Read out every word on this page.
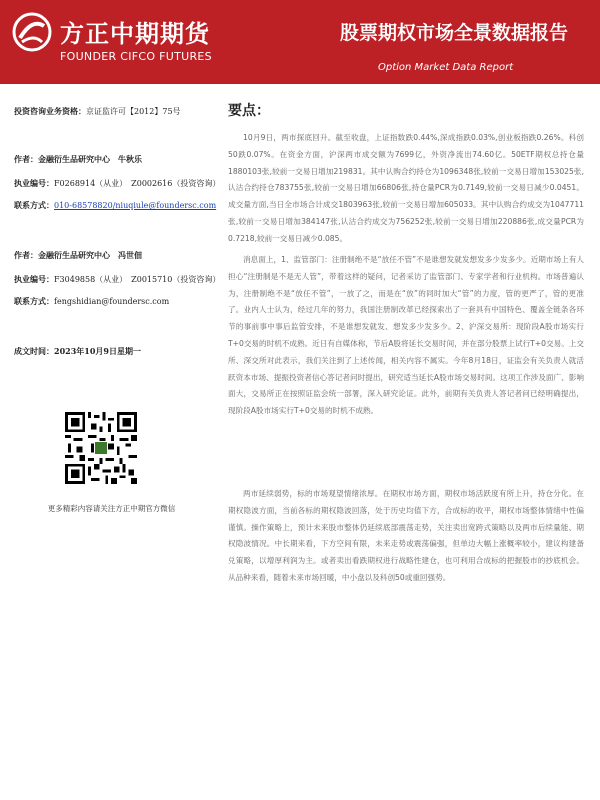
方正中期期货
FOUNDER CIFCO FUTURES
股票期权市场全景数据报告
Option Market Data Report
投资咨询业务资格：京证监许可【2012】75号
作者：金融衍生品研究中心　牛秋乐
执业编号：F0268914（从业）　Z0002616（投资咨询）
联系方式：010-68578820/niuqiule@foundersc.com
作者：金融衍生品研究中心　冯世佃
执业编号：F3049858（从业）　Z0015710（投资咨询）
联系方式：fengshidian@foundersc.com
成文时间：2023年10月9日星期一
更多精彩内容请关注方正中期官方微信
要点：

10月9日，两市探底回升。截至收盘，上证指数跌0.44%,深成指跌0.03%,创业板指跌0.26%。科创50跌0.07%。在资金方面，沪深两市成交额为7699亿，外资净流出74.60亿。50ETF期权总持仓量1880103张,较前一交易日增加219831。其中认购合约持仓为1096348张,较前一交易日增加153025张,认沽合约持仓783755张,较前一交易日增加66806张,持仓量PCR为0.7149,较前一交易日减少0.0451。成交量方面,当日全市场合计成交1803963张,较前一交易日增加605033。其中认购合约成交为1047711张,较前一交易日增加384147张,认沽合约成交为756252张,较前一交易日增加220886张,成交量PCR为0.7218,较前一交易日减少0.085。

消息面上，1、监管部门：注册制绝不是“放任不管”不是谁想发就发想发多少发多少。近期市场上有人担心“注册制是不是无人管”，带着这样的疑问，记者采访了监管部门、专家学者和行业机构。市场普遍认为，注册制绝不是“放任不管”，一放了之，而是在“放”的同时加大“管”的力度，管的更严了，管的更准了。业内人士认为，经过几年的努力，我国注册制改革已经探索出了一套具有中国特色、覆盖全链条各环节的事前事中事后监管安排，不是谁想发就发、想发多少发多少。2、沪深交易所：现阶段A股市场实行T+0交易的时机不成熟。近日有自媒体称，节后A股将延长交易时间，并在部分股票上试行T+0交易。上交所、深交所对此表示，我们关注到了上述传闻，相关内容不属实。今年8月18日，证监会有关负责人就活跃资本市场、提振投资者信心答记者问时提出，研究适当延长A股市场交易时间。这项工作涉及面广、影响面大，交易所正在按照证监会统一部署，深入研究论证。此外，前期有关负责人答记者问已经明确提出，现阶段A股市场实行T+0交易的时机不成熟。

两市延续弱势，标的市场观望情绪浓厚。在期权市场方面，期权市场活跃度有所上升，持仓分化。在期权隐波方面，当前各标的期权隐波回落，处于历史均值下方，合成标的收平，期权市场整体情绪中性偏谨慎。操作策略上，预计未来股市整体仍延续底部震荡走势，关注卖出宽跨式策略以及两市后续量能、期权隐波情况。中长期来看，下方空间有限，未来走势或震荡偏强，但单边大幅上涨概率较小，建议构建备兑策略，以增厚利润为主。或者卖出看跌期权进行战略性建仓，也可利用合成标的把握股市的抄底机会。从品种来看，随着未来市场回暖，中小盘以及科创50或重回强势。
